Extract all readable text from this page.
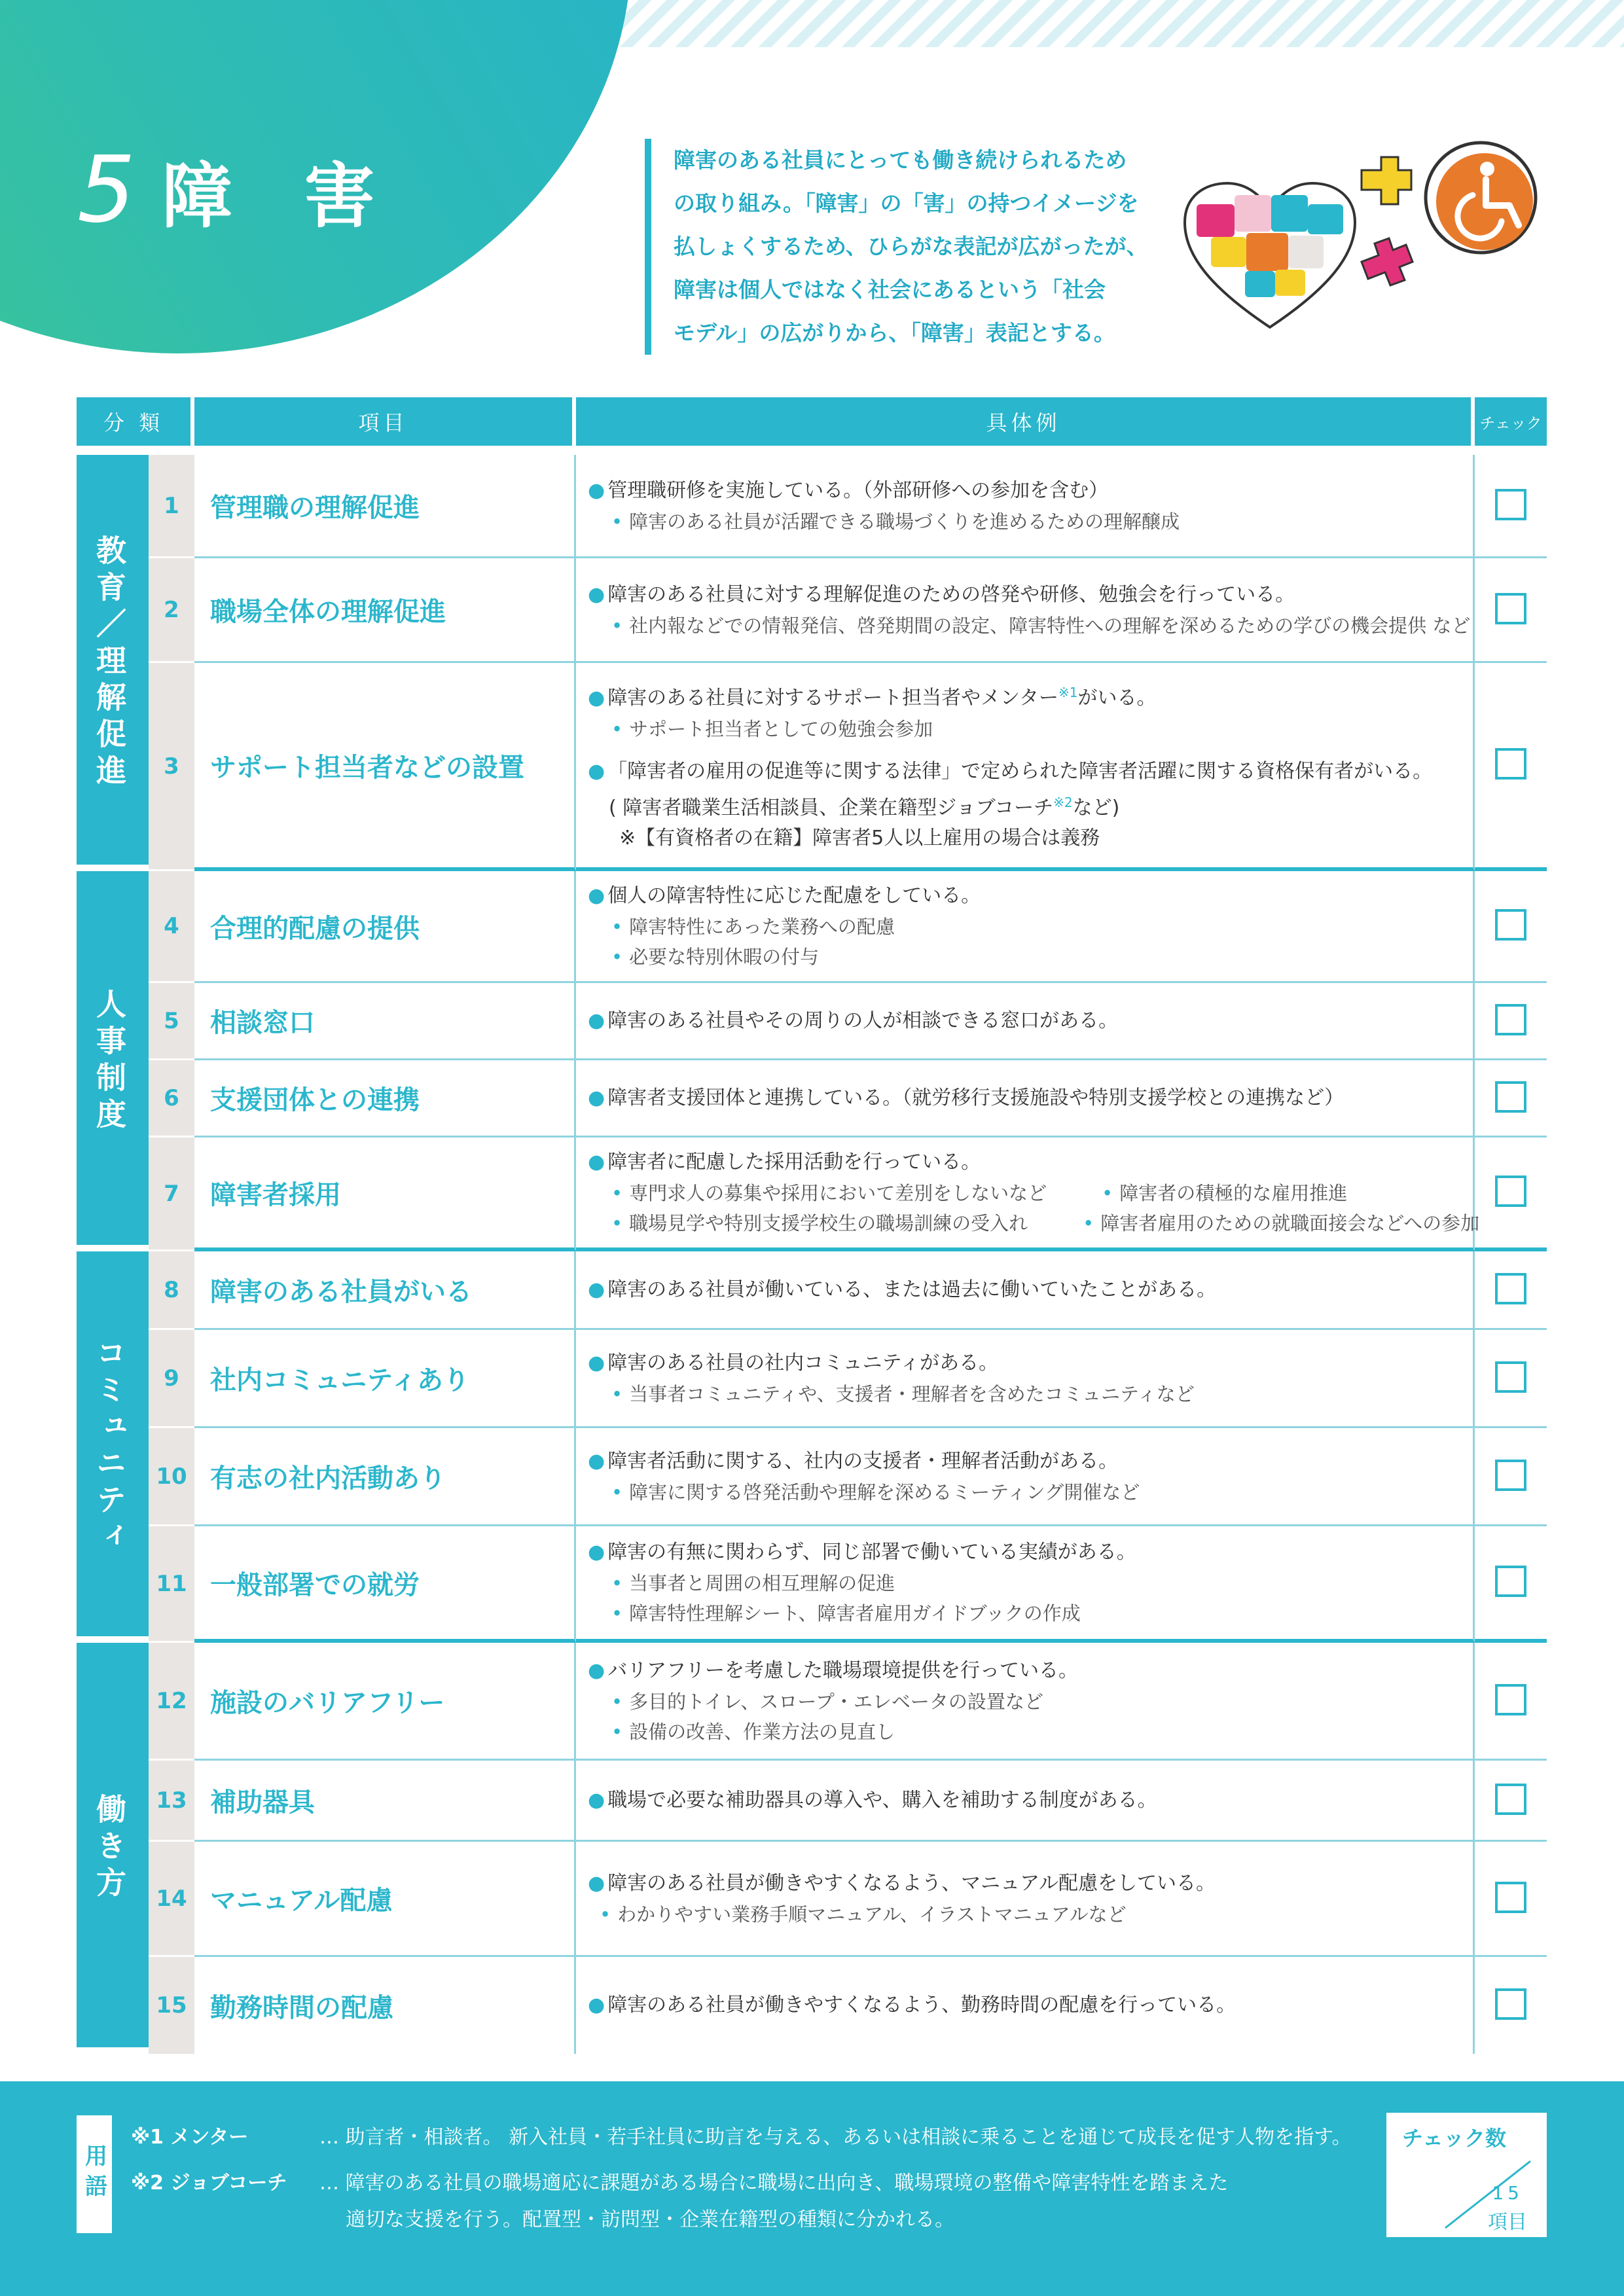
5 障 害	障害のある社員にとっても働き続けられるため
の取り組み。「障害」の「害」の持つイメージを
払しょくするため、ひらがな表記が広がったが、
障害は個人ではなく社会にあるという「社会
モデル」の広がりから、「障害」表記とする。
分 類		項目	具体例	チェック

教育／理解促進	1	管理職の理解促進	● 管理職研修を実施している。（外部研修への参加を含む）
• 障害のある社員が活躍できる職場づくりを進めるための理解醸成

	2	職場全体の理解促進	● 障害のある社員に対する理解促進のための啓発や研修、勉強会を行っている。
• 社内報などでの情報発信、啓発期間の設定、障害特性への理解を深めるための学びの機会提供 など

	3	サポート担当者などの設置	● 障害のある社員に対するサポート担当者やメンター$^{※1}$がいる。
• サポート担当者としての勉強会参加
● 「障害者の雇用の促進等に関する法律」で定められた障害者活躍に関する資格保有者がいる。
( 障害者職業生活相談員、企業在籍型ジョブコーチ$^{※2}$など)
※【有資格者の在籍】障害者5人以上雇用の場合は義務

人事制度	4	合理的配慮の提供	● 個人の障害特性に応じた配慮をしている。
• 障害特性にあった業務への配慮
• 必要な特別休暇の付与

	5	相談窓口	● 障害のある社員やその周りの人が相談できる窓口がある。

	6	支援団体との連携	● 障害者支援団体と連携している。（就労移行支援施設や特別支援学校との連携など）

	7	障害者採用	● 障害者に配慮した採用活動を行っている。
• 専門求人の募集や採用において差別をしないなど • 障害者の積極的な雇用推進
• 職場見学や特別支援学校生の職場訓練の受入れ • 障害者雇用のための就職面接会などへの参加

コミュニティ	8	障害のある社員がいる	● 障害のある社員が働いている、または過去に働いていたことがある。

	9	社内コミュニティあり	● 障害のある社員の社内コミュニティがある。
• 当事者コミュニティや、支援者・理解者を含めたコミュニティなど

	10	有志の社内活動あり	● 障害者活動に関する、社内の支援者・理解者活動がある。
• 障害に関する啓発活動や理解を深めるミーティング開催など

	11	一般部署での就労	● 障害の有無に関わらず、同じ部署で働いている実績がある。
• 当事者と周囲の相互理解の促進
• 障害特性理解シート、障害者雇用ガイドブックの作成

働き方	12	施設のバリアフリー	● バリアフリーを考慮した職場環境提供を行っている。
• 多目的トイレ、スロープ・エレベータの設置など
• 設備の改善、作業方法の見直し

	13	補助器具	● 職場で必要な補助器具の導入や、購入を補助する制度がある。

	14	マニュアル配慮	● 障害のある社員が働きやすくなるよう、マニュアル配慮をしている。
• わかりやすい業務手順マニュアル、イラストマニュアルなど

	15	勤務時間の配慮	● 障害のある社員が働きやすくなるよう、勤務時間の配慮を行っている。

用語
※1 メンター	… 助言者・相談者。 新入社員・若手社員に助言を与える、あるいは相談に乗ることを通じて成長を促す人物を指す。
※2 ジョブコーチ … 障害のある社員の職場適応に課題がある場合に職場に出向き、職場環境の整備や障害特性を踏まえた
適切な支援を行う。配置型・訪問型・企業在籍型の種類に分かれる。
チェック数
15
項目
